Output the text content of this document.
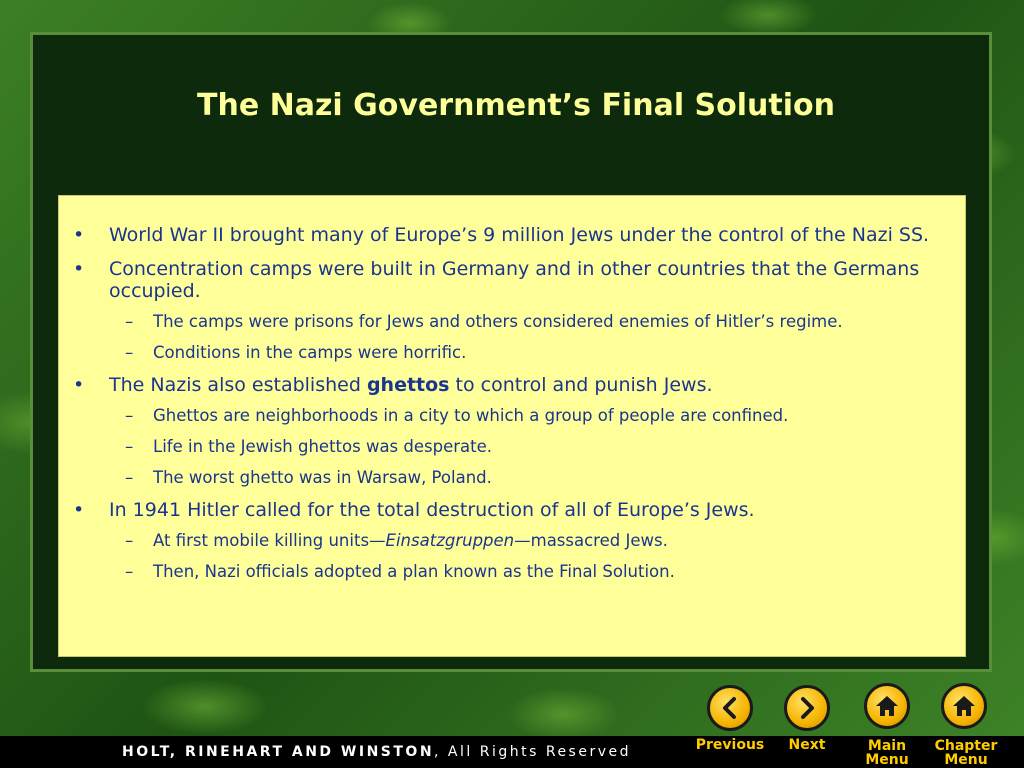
The Nazi Government’s Final Solution
• World War II brought many of Europe’s 9 million Jews under the control of the Nazi SS.
• Concentration camps were built in Germany and in other countries that the Germans occupied.
– The camps were prisons for Jews and others considered enemies of Hitler’s regime.
– Conditions in the camps were horrific.
• The Nazis also established ghettos to control and punish Jews.
– Ghettos are neighborhoods in a city to which a group of people are confined.
– Life in the Jewish ghettos was desperate.
– The worst ghetto was in Warsaw, Poland.
• In 1941 Hitler called for the total destruction of all of Europe’s Jews.
– At first mobile killing units—Einsatzgruppen—massacred Jews.
– Then, Nazi officials adopted a plan known as the Final Solution.
HOLT, RINEHART AND WINSTON, All Rights Reserved	Previous	Next	Main
Menu
Chapter
Menu
